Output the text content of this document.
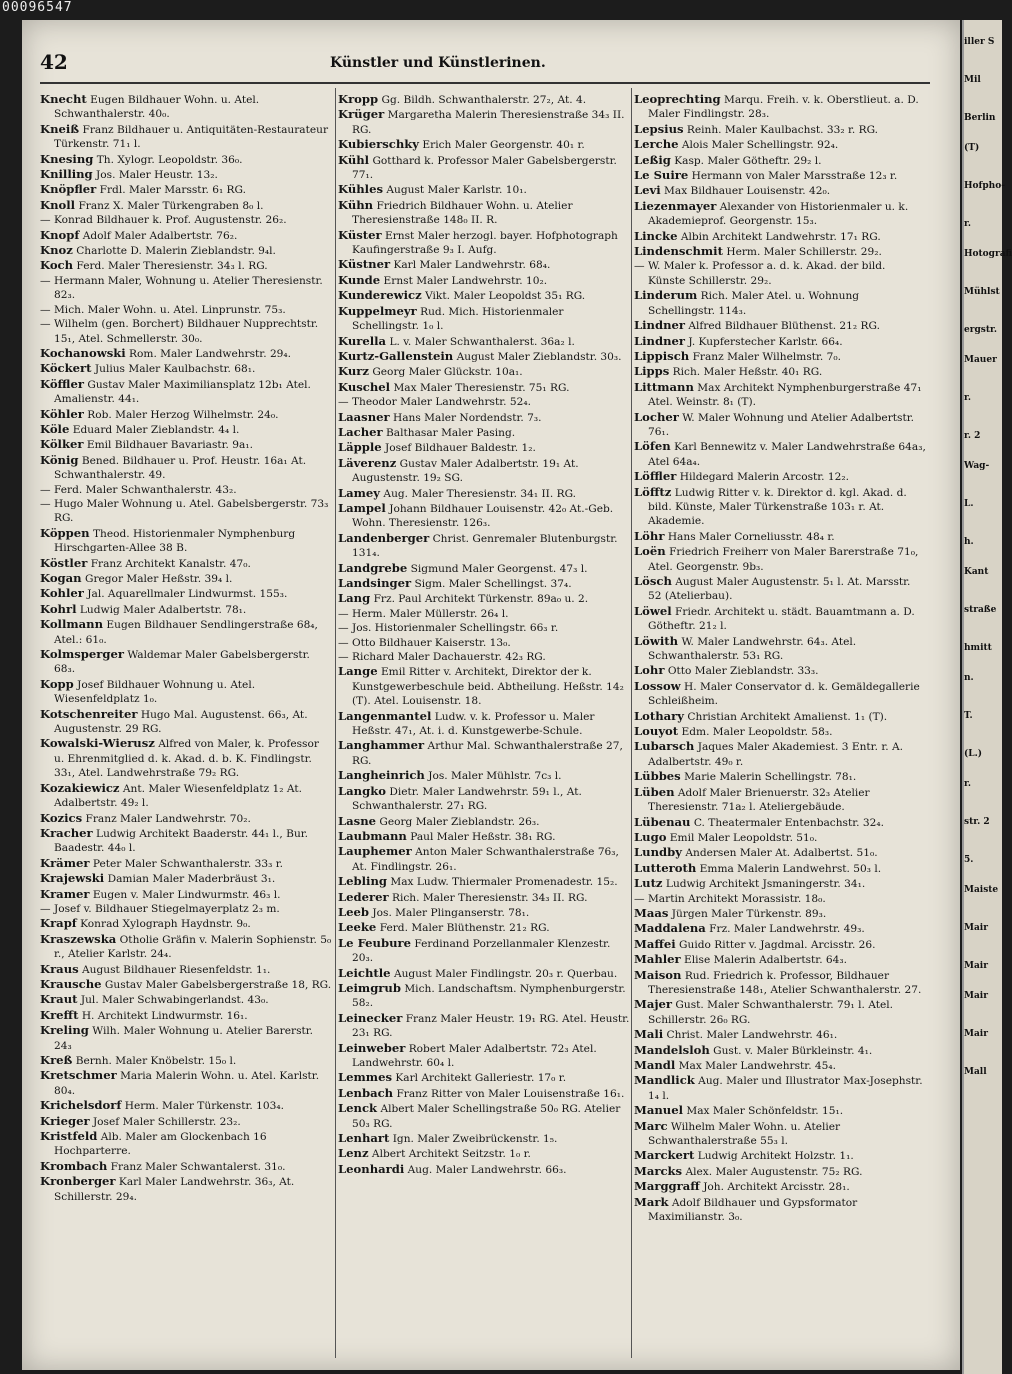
00096547
42	Künstler und Künstlerinen.

Knecht Eugen Bildhauer Wohn. u. Atel. Schwanthalerstr. 40₀.

Kneiß Franz Bildhauer u. Antiquitäten-Restaurateur Türkenstr. 71₁ l.

Knesing Th. Xylogr. Leopoldstr. 36₀.

Knilling Jos. Maler Heustr. 13₂.

Knöpfler Frdl. Maler Marsstr. 6₁ RG.

Knoll Franz X. Maler Türkengraben 8₀ l.

— Konrad Bildhauer k. Prof. Augustenstr. 26₂.

Knopf Adolf Maler Adalbertstr. 76₂.

Knoz Charlotte D. Malerin Zieblandstr. 9₄l.

Koch Ferd. Maler Theresienstr. 34₃ l. RG.

— Hermann Maler, Wohnung u. Atelier Theresienstr. 82₃.

— Mich. Maler Wohn. u. Atel. Linprunstr. 75₃.

— Wilhelm (gen. Borchert) Bildhauer Nupprechtstr. 15₁, Atel. Schmellerstr. 30₀.

Kochanowski Rom. Maler Landwehrstr. 29₄.

Köckert Julius Maler Kaulbachstr. 68₁.

Köffler Gustav Maler Maximiliansplatz 12b₁ Atel. Amalienstr. 44₁.

Köhler Rob. Maler Herzog Wilhelmstr. 24₀.

Köle Eduard Maler Zieblandstr. 4₄ l.

Kölker Emil Bildhauer Bavariastr. 9a₁.

König Bened. Bildhauer u. Prof. Heustr. 16a₁ At. Schwanthalerstr. 49.

— Ferd. Maler Schwanthalerstr. 43₂.

— Hugo Maler Wohnung u. Atel. Gabelsbergerstr. 73₃ RG.

Köppen Theod. Historienmaler Nymphenburg Hirschgarten-Allee 38 B.

Köstler Franz Architekt Kanalstr. 47₀.

Kogan Gregor Maler Heßstr. 39₄ l.

Kohler Jal. Aquarellmaler Lindwurmst. 155₃.

Kohrl Ludwig Maler Adalbertstr. 78₁.

Kollmann Eugen Bildhauer Sendlingerstraße 68₄, Atel.: 61₀.

Kolmsperger Waldemar Maler Gabelsbergerstr. 68₃.

Kopp Josef Bildhauer Wohnung u. Atel. Wiesenfeldplatz 1₀.

Kotschenreiter Hugo Mal. Augustenst. 66₃, At. Augustenstr. 29 RG.

Kowalski-Wierusz Alfred von Maler, k. Professor u. Ehrenmitglied d. k. Akad. d. b. K. Findlingstr. 33₁, Atel. Landwehrstraße 79₂ RG.

Kozakiewicz Ant. Maler Wiesenfeldplatz 1₂ At. Adalbertstr. 49₂ l.

Kozics Franz Maler Landwehrstr. 70₂.

Kracher Ludwig Architekt Baaderstr. 44₁ l., Bur. Baadestr. 44₀ l.

Krämer Peter Maler Schwanthalerstr. 33₃ r.

Krajewski Damian Maler Maderbräust 3₁.

Kramer Eugen v. Maler Lindwurmstr. 46₃ l.

— Josef v. Bildhauer Stiegelmayerplatz 2₃ m.

Krapf Konrad Xylograph Haydnstr. 9₀.

Kraszewska Otholie Gräfin v. Malerin Sophienstr. 5₀ r., Atelier Karlstr. 24₄.

Kraus August Bildhauer Riesenfeldstr. 1₁.

Krausche Gustav Maler Gabelsbergerstraße 18, RG.

Kraut Jul. Maler Schwabingerlandst. 43₀.

Krefft H. Architekt Lindwurmstr. 16₁.

Kreling Wilh. Maler Wohnung u. Atelier Barerstr. 24₃

Kreß Bernh. Maler Knöbelstr. 15₀ l.

Kretschmer Maria Malerin Wohn. u. Atel. Karlstr. 80₄.

Krichelsdorf Herm. Maler Türkenstr. 103₄.

Krieger Josef Maler Schillerstr. 23₂.

Kristfeld Alb. Maler am Glockenbach 16 Hochparterre.

Krombach Franz Maler Schwantalerst. 31₀.

Kronberger Karl Maler Landwehrstr. 36₃, At. Schillerstr. 29₄.

Kropp Gg. Bildh. Schwanthalerstr. 27₂, At. 4.

Krüger Margaretha Malerin Theresienstraße 34₃ II. RG.

Kubierschky Erich Maler Georgenstr. 40₁ r.

Kühl Gotthard k. Professor Maler Gabelsbergerstr. 77₁.

Kühles August Maler Karlstr. 10₁.

Kühn Friedrich Bildhauer Wohn. u. Atelier Theresienstraße 148₀ II. R.

Küster Ernst Maler herzogl. bayer. Hofphotograph Kaufingerstraße 9₃ I. Aufg.

Küstner Karl Maler Landwehrstr. 68₄.

Kunde Ernst Maler Landwehrstr. 10₂.

Kunderewicz Vikt. Maler Leopoldst 35₁ RG.

Kuppelmeyr Rud. Mich. Historienmaler Schellingstr. 1₀ l.

Kurella L. v. Maler Schwanthalerst. 36a₂ l.

Kurtz-Gallenstein August Maler Zieblandstr. 30₃.

Kurz Georg Maler Glückstr. 10a₁.

Kuschel Max Maler Theresienstr. 75₁ RG.

— Theodor Maler Landwehrstr. 52₄.

Laasner Hans Maler Nordendstr. 7₃.

Lacher Balthasar Maler Pasing.

Läpple Josef Bildhauer Baldestr. 1₂.

Läverenz Gustav Maler Adalbertstr. 19₁ At. Augustenstr. 19₂ SG.

Lamey Aug. Maler Theresienstr. 34₁ II. RG.

Lampel Johann Bildhauer Louisenstr. 42₀ At.-Geb. Wohn. Theresienstr. 126₃.

Landenberger Christ. Genremaler Blutenburgstr. 131₄.

Landgrebe Sigmund Maler Georgenst. 47₃ l.

Landsinger Sigm. Maler Schellingst. 37₄.

Lang Frz. Paul Architekt Türkenstr. 89a₀ u. 2.

— Herm. Maler Müllerstr. 26₄ l.

— Jos. Historienmaler Schellingstr. 66₃ r.

— Otto Bildhauer Kaiserstr. 13₀.

— Richard Maler Dachauerstr. 42₃ RG.

Lange Emil Ritter v. Architekt, Direktor der k. Kunstgewerbeschule beid. Abtheilung. Heßstr. 14₂ (T). Atel. Louisenstr. 18.

Langenmantel Ludw. v. k. Professor u. Maler Heßstr. 47₁, At. i. d. Kunstgewerbe-Schule.

Langhammer Arthur Mal. Schwanthalerstraße 27, RG.

Langheinrich Jos. Maler Mühlstr. 7c₃ l.

Langko Dietr. Maler Landwehrstr. 59₁ l., At. Schwanthalerstr. 27₁ RG.

Lasne Georg Maler Zieblandstr. 26₃.

Laubmann Paul Maler Heßstr. 38₁ RG.

Lauphemer Anton Maler Schwanthalerstraße 76₃, At. Findlingstr. 26₁.

Lebling Max Ludw. Thiermaler Promenadestr. 15₂.

Lederer Rich. Maler Theresienstr. 34₃ II. RG.

Leeb Jos. Maler Plinganserstr. 78₁.

Leeke Ferd. Maler Blüthenstr. 21₂ RG.

Le Feubure Ferdinand Porzellanmaler Klenzestr. 20₃.

Leichtle August Maler Findlingstr. 20₃ r. Querbau.

Leimgrub Mich. Landschaftsm. Nymphenburgerstr. 58₂.

Leinecker Franz Maler Heustr. 19₁ RG. Atel. Heustr. 23₁ RG.

Leinweber Robert Maler Adalbertstr. 72₃ Atel. Landwehrstr. 60₄ l.

Lemmes Karl Architekt Galleriestr. 17₀ r.

Lenbach Franz Ritter von Maler Louisenstraße 16₁.

Lenck Albert Maler Schellingstraße 50₀ RG. Atelier 50₃ RG.

Lenhart Ign. Maler Zweibrückenstr. 1₅.

Lenz Albert Architekt Seitzstr. 1₀ r.

Leonhardi Aug. Maler Landwehrstr. 66₃.

Leoprechting Marqu. Freih. v. k. Oberstlieut. a. D. Maler Findlingstr. 28₃.

Lepsius Reinh. Maler Kaulbachst. 33₂ r. RG.

Lerche Alois Maler Schellingstr. 92₄.

Leßig Kasp. Maler Götheftr. 29₂ l.

Le Suire Hermann von Maler Marsstraße 12₃ r.

Levi Max Bildhauer Louisenstr. 42₀.

Liezenmayer Alexander von Historienmaler u. k. Akademieprof. Georgenstr. 15₃.

Lincke Albin Architekt Landwehrstr. 17₁ RG.

Lindenschmit Herm. Maler Schillerstr. 29₂.

— W. Maler k. Professor a. d. k. Akad. der bild. Künste Schillerstr. 29₂.

Linderum Rich. Maler Atel. u. Wohnung Schellingstr. 114₃.

Lindner Alfred Bildhauer Blüthenst. 21₂ RG.

Lindner J. Kupferstecher Karlstr. 66₄.

Lippisch Franz Maler Wilhelmstr. 7₀.

Lipps Rich. Maler Heßstr. 40₁ RG.

Littmann Max Architekt Nymphenburgerstraße 47₁ Atel. Weinstr. 8₁ (T).

Locher W. Maler Wohnung und Atelier Adalbertstr. 76₁.

Löfen Karl Bennewitz v. Maler Landwehrstraße 64a₃, Atel 64a₄.

Löffler Hildegard Malerin Arcostr. 12₂.

Löfftz Ludwig Ritter v. k. Direktor d. kgl. Akad. d. bild. Künste, Maler Türkenstraße 103₁ r. At. Akademie.

Löhr Hans Maler Corneliusstr. 48₄ r.

Loën Friedrich Freiherr von Maler Barerstraße 71₀, Atel. Georgenstr. 9b₃.

Lösch August Maler Augustenstr. 5₁ l. At. Marsstr. 52 (Atelierbau).

Löwel Friedr. Architekt u. städt. Bauamtmann a. D. Götheftr. 21₂ l.

Löwith W. Maler Landwehrstr. 64₃. Atel. Schwanthalerstr. 53₁ RG.

Lohr Otto Maler Zieblandstr. 33₃.

Lossow H. Maler Conservator d. k. Gemäldegallerie Schleißheim.

Lothary Christian Architekt Amalienst. 1₁ (T).

Louyot Edm. Maler Leopoldstr. 58₃.

Lubarsch Jaques Maler Akademiest. 3 Entr. r. A. Adalbertstr. 49₀ r.

Lübbes Marie Malerin Schellingstr. 78₁.

Lüben Adolf Maler Brienuerstr. 32₃ Atelier Theresienstr. 71a₂ l. Ateliergebäude.

Lübenau C. Theatermaler Entenbachstr. 32₄.

Lugo Emil Maler Leopoldstr. 51₀.

Lundby Andersen Maler At. Adalbertst. 51₀.

Lutteroth Emma Malerin Landwehrst. 50₃ l.

Lutz Ludwig Architekt Jsmaningerstr. 34₁.

— Martin Architekt Morassistr. 18₀.

Maas Jürgen Maler Türkenstr. 89₃.

Maddalena Frz. Maler Landwehrstr. 49₃.

Maffei Guido Ritter v. Jagdmal. Arcisstr. 26.

Mahler Elise Malerin Adalbertstr. 64₃.

Maison Rud. Friedrich k. Professor, Bildhauer Theresienstraße 148₁, Atelier Schwanthalerstr. 27.

Majer Gust. Maler Schwanthalerstr. 79₁ l. Atel. Schillerstr. 26₀ RG.

Mali Christ. Maler Landwehrstr. 46₁.

Mandelsloh Gust. v. Maler Bürkleinstr. 4₁.

Mandl Max Maler Landwehrstr. 45₄.

Mandlick Aug. Maler und Illustrator Max-Josephstr. 1₄ l.

Manuel Max Maler Schönfeldstr. 15₁.

Marc Wilhelm Maler Wohn. u. Atelier Schwanthalerstraße 55₃ l.

Marckert Ludwig Architekt Holzstr. 1₁.

Marcks Alex. Maler Augustenstr. 75₂ RG.

Marggraff Joh. Architekt Arcisstr. 28₁.

Mark Adolf Bildhauer und Gypsformator Maximilianstr. 3₀.

iller S
Mil
Berlin
(T)
Hofpho-
r.
Hotografi
Mühlst
ergstr.
Mauer
r.
r. 2
Wag-
L.
h.
Kant
straße
hmitt
n.
T.
(L.)
r.
str. 2
5.
Maiste
Mair
Mair
Mair
Mair
Mall
